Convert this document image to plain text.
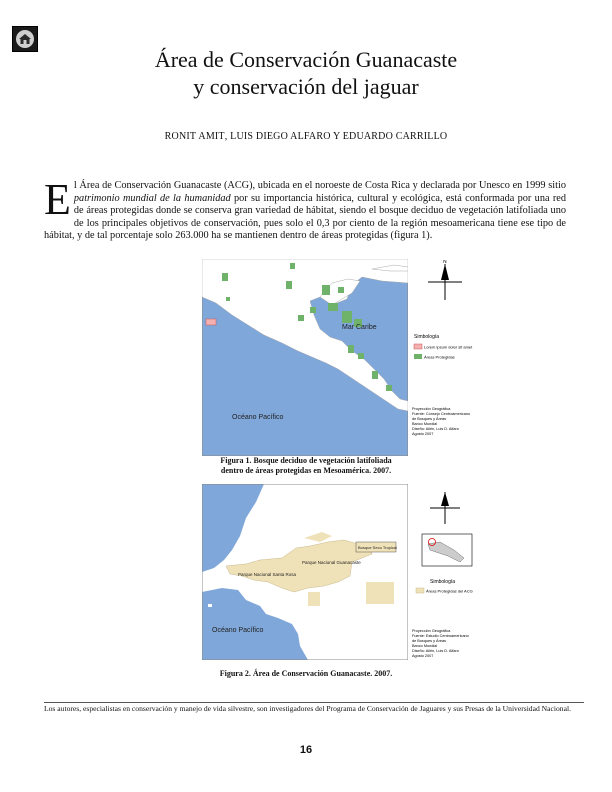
Área de Conservación Guanacaste
y conservación del jaguar
RONIT AMIT, LUIS DIEGO ALFARO Y EDUARDO CARRILLO
El Área de Conservación Guanacaste (ACG), ubicada en el noroeste de Costa Rica y declarada por Unesco en 1999 sitio patrimonio mundial de la humanidad por su importancia histórica, cultural y ecológica, está conformada por una red de áreas protegidas donde se conserva gran variedad de hábitat, siendo el bosque deciduo de vegetación latifoliada uno de los principales objetivos de conservación, pues solo el 0,3 por ciento de la región mesoamericana tiene ese tipo de hábitat, y de tal porcentaje solo 263.000 ha se mantienen dentro de áreas protegidas (figura 1).
Mar Caribe
Océano Pacífico
N
Simbología
Lorem ipsum dolor sit amet
Áreas Protegidas
Proyección Geográfica
Fuente: Consejo Centroamericano
de Bosques y Áreas
Banco Mundial
Diseño: Ailén, Luis D. Alfaro
Agosto 2007
Figura 1. Bosque deciduo de vegetación latifoliada
dentro de áreas protegidas en Mesoamérica. 2007.
Parque Nacional Santa Rosa
Parque Nacional Guanacaste
Bosque Seco Tropical
Océano Pacífico
Simbología
Áreas Protegidas del ACG
Proyección Geográfica
Fuente: Estudio Centroamericano
de Bosques y Áreas
Banco Mundial
Diseño: Ailén, Luis D. Alfaro
Agosto 2007
Figura 2. Área de Conservación Guanacaste. 2007.
Los autores, especialistas en conservación y manejo de vida silvestre, son investigadores del Programa de Conservación de Jaguares y sus Presas de la Universidad Nacional.
16
